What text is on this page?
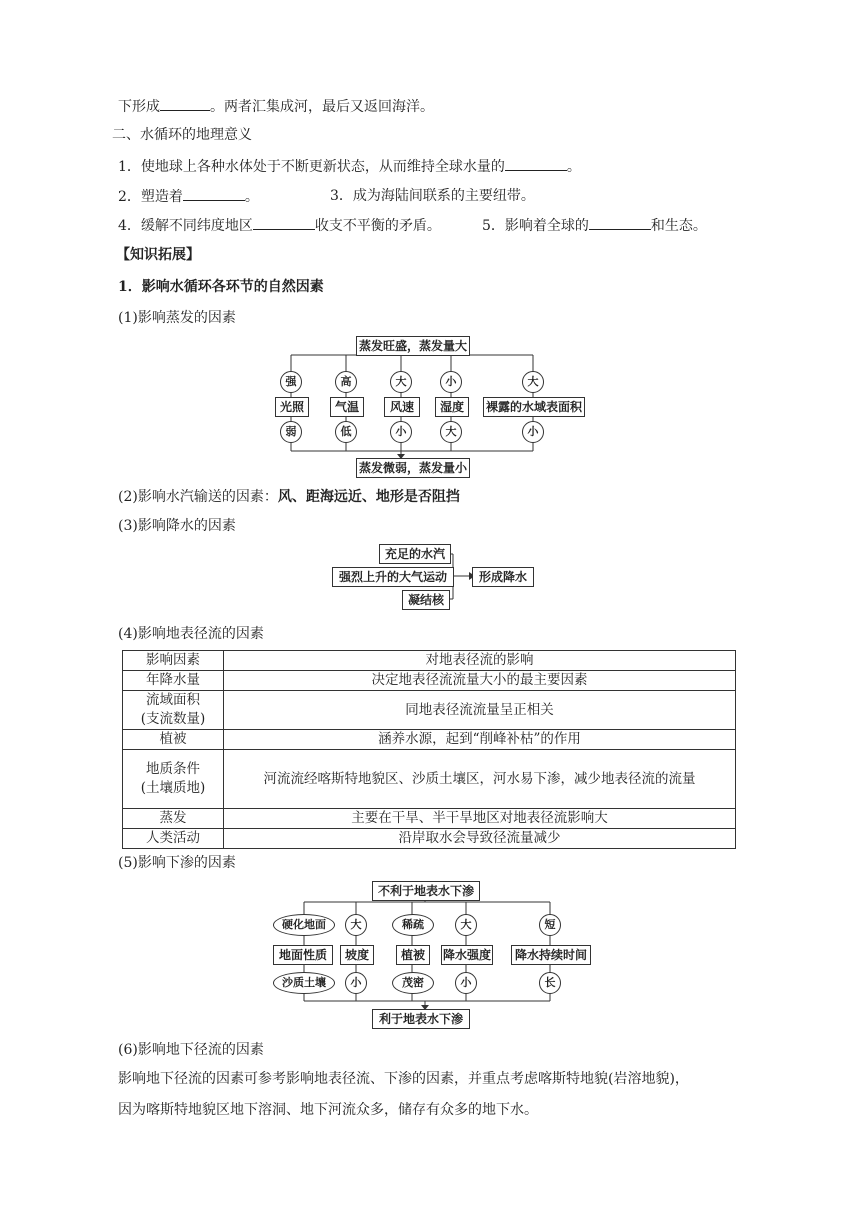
下形成	。两者汇集成河，最后又返回海洋。
二、水循环的地理意义
1．使地球上各种水体处于不断更新状态，从而维持全球水量的	。
2．塑造着	。	3．成为海陆间联系的主要纽带。
4．缓解不同纬度地区	收支不平衡的矛盾。	5．影响着全球的	和生态。
【知识拓展】
1．影响水循环各环节的自然因素
(1)影响蒸发的因素
蒸发旺盛，蒸发量大
强	高	大	小	大
光照	气温	风速	湿度	裸露的水域表面积
弱	低	小	大	小
蒸发微弱，蒸发量小
(2)影响水汽输送的因素：风、距海远近、地形是否阻挡
(3)影响降水的因素
充足的水汽
强烈上升的大气运动
凝结核
形成降水
(4)影响地表径流的因素
影响因素	对地表径流的影响
年降水量	决定地表径流流量大小的最主要因素

流域面积
(支流数量)	同地表径流流量呈正相关
植被	涵养水源，起到“削峰补枯”的作用

地质条件
(土壤质地)	河流流经喀斯特地貌区、沙质土壤区，河水易下渗，减少地表径流的流量
蒸发	主要在干旱、半干旱地区对地表径流影响大
人类活动	沿岸取水会导致径流量减少
(5)影响下渗的因素
不利于地表水下渗
硬化地面	大	稀疏	大	短
地面性质	坡度	植被	降水强度	降水持续时间
沙质土壤	小	茂密	小	长
利于地表水下渗
(6)影响地下径流的因素
影响地下径流的因素可参考影响地表径流、下渗的因素，并重点考虑喀斯特地貌(岩溶地貌)，
因为喀斯特地貌区地下溶洞、地下河流众多，储存有众多的地下水。
